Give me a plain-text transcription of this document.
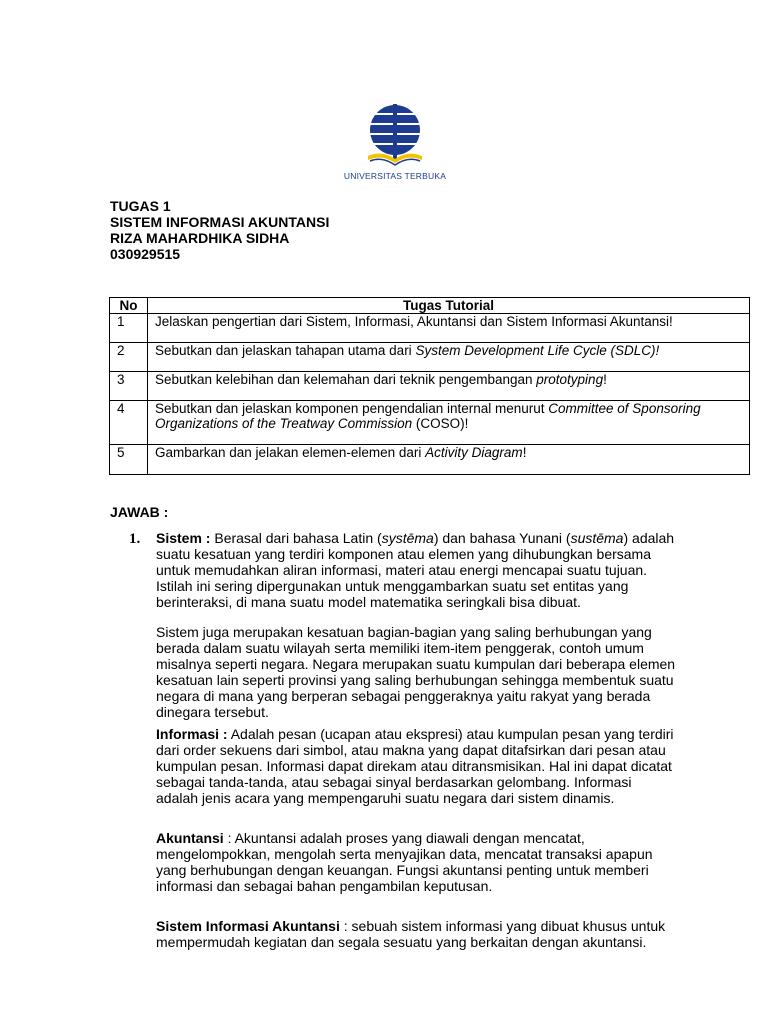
UNIVERSITAS TERBUKA
TUGAS 1
SISTEM INFORMASI AKUNTANSI
RIZA MAHARDHIKA SIDHA
030929515
No	Tugas Tutorial
1	Jelaskan pengertian dari Sistem, Informasi, Akuntansi dan Sistem Informasi Akuntansi!
2	Sebutkan dan jelaskan tahapan utama dari System Development Life Cycle (SDLC)!
3	Sebutkan kelebihan dan kelemahan dari teknik pengembangan prototyping!
4	Sebutkan dan jelaskan komponen pengendalian internal menurut Committee of Sponsoring Organizations of the Treatway Commission (COSO)!
5	Gambarkan dan jelakan elemen-elemen dari Activity Diagram!
JAWAB :
1. Sistem : Berasal dari bahasa Latin (systēma) dan bahasa Yunani (sustēma) adalah suatu kesatuan yang terdiri komponen atau elemen yang dihubungkan bersama untuk memudahkan aliran informasi, materi atau energi mencapai suatu tujuan. Istilah ini sering dipergunakan untuk menggambarkan suatu set entitas yang berinteraksi, di mana suatu model matematika seringkali bisa dibuat.

Sistem juga merupakan kesatuan bagian-bagian yang saling berhubungan yang berada dalam suatu wilayah serta memiliki item-item penggerak, contoh umum misalnya seperti negara. Negara merupakan suatu kumpulan dari beberapa elemen kesatuan lain seperti provinsi yang saling berhubungan sehingga membentuk suatu negara di mana yang berperan sebagai penggeraknya yaitu rakyat yang berada dinegara tersebut.

Informasi : Adalah pesan (ucapan atau ekspresi) atau kumpulan pesan yang terdiri dari order sekuens dari simbol, atau makna yang dapat ditafsirkan dari pesan atau kumpulan pesan. Informasi dapat direkam atau ditransmisikan. Hal ini dapat dicatat sebagai tanda-tanda, atau sebagai sinyal berdasarkan gelombang. Informasi adalah jenis acara yang mempengaruhi suatu negara dari sistem dinamis.

Akuntansi : Akuntansi adalah proses yang diawali dengan mencatat, mengelompokkan, mengolah serta menyajikan data, mencatat transaksi apapun yang berhubungan dengan keuangan. Fungsi akuntansi penting untuk memberi informasi dan sebagai bahan pengambilan keputusan.

Sistem Informasi Akuntansi : sebuah sistem informasi yang dibuat khusus untuk mempermudah kegiatan dan segala sesuatu yang berkaitan dengan akuntansi.
